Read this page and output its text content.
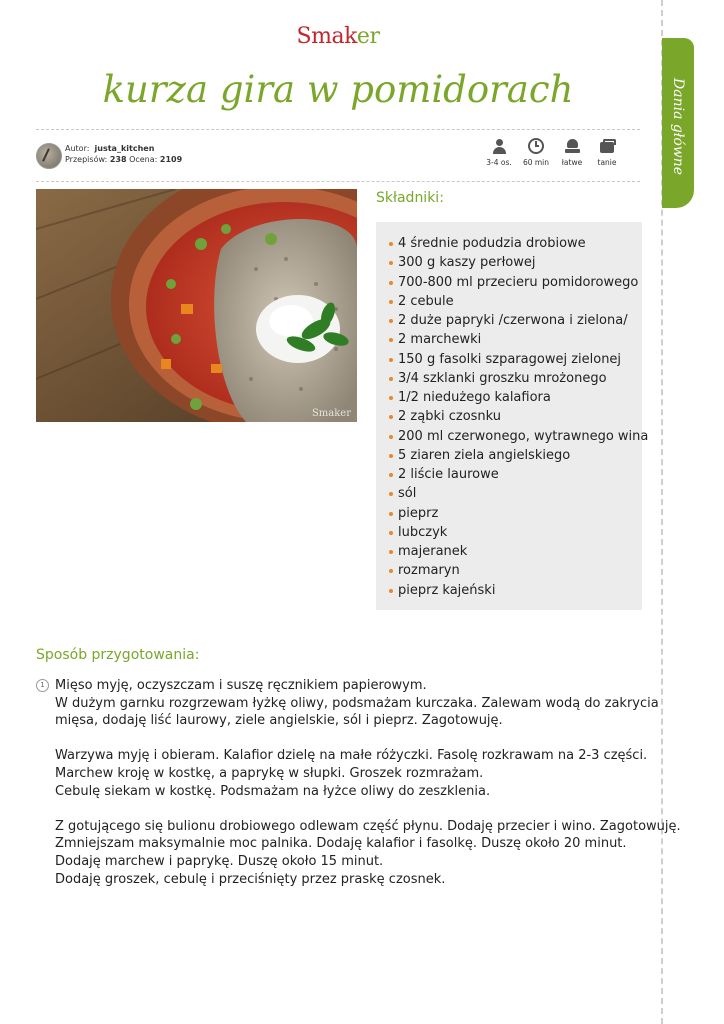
Smaker
kurza gira w pomidorach	Dania główne
Autor: justa_kitchen
Przepisów: 238 Ocena: 2109	3-4 os.	60 min	łatwe	tanie
Smaker
Składniki:
4 średnie podudzia drobiowe
300 g kaszy perłowej
700-800 ml przecieru pomidorowego
2 cebule
2 duże papryki /czerwona i zielona/
2 marchewki
150 g fasolki szparagowej zielonej
3/4 szklanki groszku mrożonego
1/2 niedużego kalafiora
2 ząbki czosnku
200 ml czerwonego, wytrawnego wina
5 ziaren ziela angielskiego
2 liście laurowe
sól
pieprz
lubczyk
majeranek
rozmaryn
pieprz kajeński
Sposób przygotowania:
1 Mięso myję, oczyszczam i suszę ręcznikiem papierowym.

W dużym garnku rozgrzewam łyżkę oliwy, podsmażam kurczaka. Zalewam wodą do zakrycia

mięsa, dodaję liść laurowy, ziele angielskie, sól i pieprz. Zagotowuję.

Warzywa myję i obieram. Kalafior dzielę na małe różyczki. Fasolę rozkrawam na 2-3 części.

Marchew kroję w kostkę, a paprykę w słupki. Groszek rozmrażam.

Cebulę siekam w kostkę. Podsmażam na łyżce oliwy do zeszklenia.

Z gotującego się bulionu drobiowego odlewam część płynu. Dodaję przecier i wino. Zagotowuję.

Zmniejszam maksymalnie moc palnika. Dodaję kalafior i fasolkę. Duszę około 20 minut.

Dodaję marchew i paprykę. Duszę około 15 minut.

Dodaję groszek, cebulę i przeciśnięty przez praskę czosnek.
